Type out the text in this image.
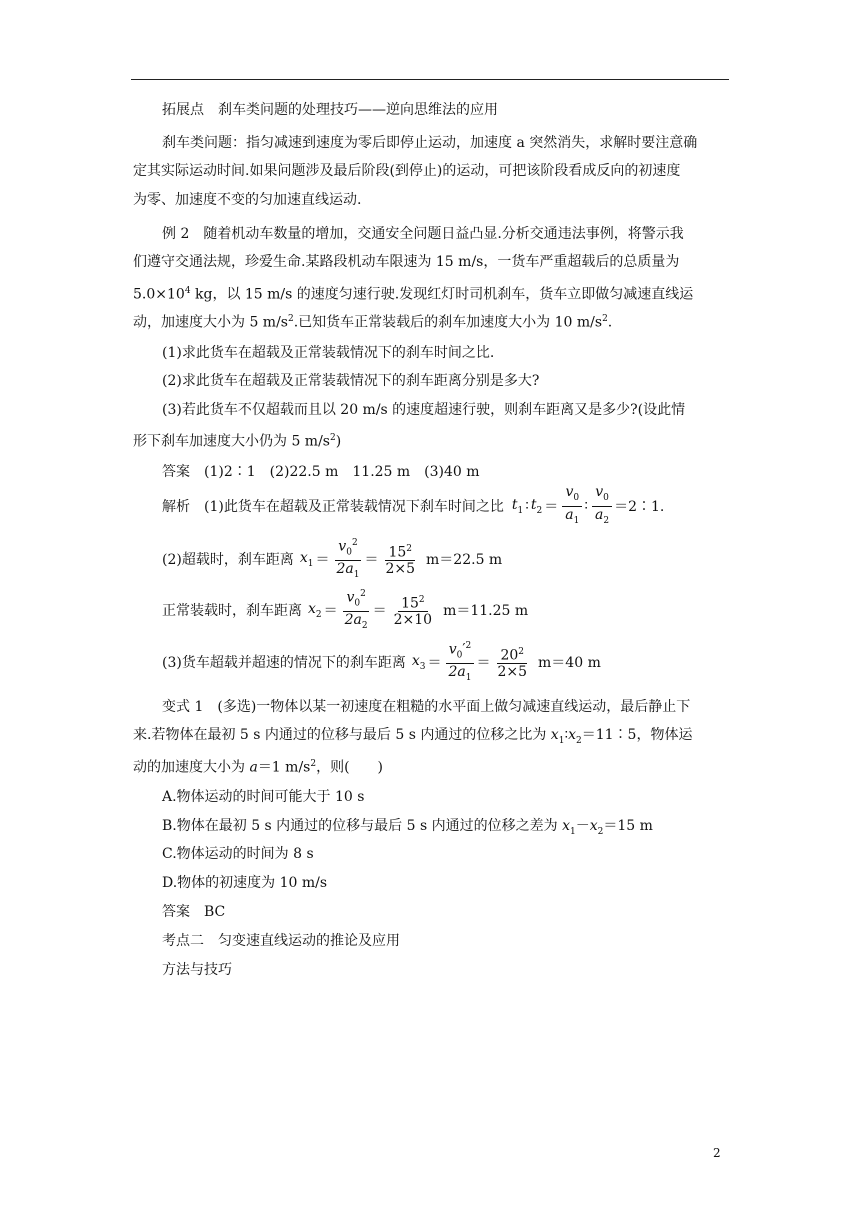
拓展点　刹车类问题的处理技巧——逆向思维法的应用
刹车类问题：指匀减速到速度为零后即停止运动，加速度 a 突然消失，求解时要注意确
定其实际运动时间.如果问题涉及最后阶段(到停止)的运动，可把该阶段看成反向的初速度
为零、加速度不变的匀加速直线运动.
例 2　随着机动车数量的增加，交通安全问题日益凸显.分析交通违法事例，将警示我
们遵守交通法规，珍爱生命.某路段机动车限速为 15 m/s，一货车严重超载后的总质量为
$5.0\times 10^4$ kg，以 15 m/s 的速度匀速行驶.发现红灯时司机刹车，货车立即做匀减速直线运
动，加速度大小为 5 $m/s^2$.已知货车正常装载后的刹车加速度大小为 10 $m/s^2$.
(1)求此货车在超载及正常装载情况下的刹车时间之比.
(2)求此货车在超载及正常装载情况下的刹车距离分别是多大?
(3)若此货车不仅超载而且以 20 m/s 的速度超速行驶，则刹车距离又是多少?(设此情
形下刹车加速度大小仍为 5 $m/s^2$)
答案　(1)2∶1　(2)22.5 m　11.25 m　(3)40 m
解析　(1)此货车在超载及正常装载情况下刹车时间之比 $t_1$ ∶ $t_2 = \frac{v_0}{a_1}$ ∶ $\frac{v_0}{a_2}$ ＝2∶1.
(2)超载时，刹车距离 $x_1 = \frac{v_0^2}{2a_1} = \frac{15^2}{2\times 5} m=22.5$ m
正常装载时，刹车距离 $x_2 = \frac{v_0^2}{2a_2} = \frac{15^2}{2\times 10} m=11.25$ m
(3)货车超载并超速的情况下的刹车距离 $x_3 = \frac{v_0'^2}{2a_1} = \frac{20^2}{2\times 5} m=40$ m
变式 1　(多选)一物体以某一初速度在粗糙的水平面上做匀减速直线运动，最后静止下
来.若物体在最初 5 s 内通过的位移与最后 5 s 内通过的位移之比为 $x_1∶x_2=11∶5$，物体运
动的加速度大小为 a＝1 $m/s^2$，则(　　)
A.物体运动的时间可能大于 10 s
B.物体在最初 5 s 内通过的位移与最后 5 s 内通过的位移之差为 $x_1-x_2=15$ m
C.物体运动的时间为 8 s
D.物体的初速度为 10 m/s
答案　BC
考点二　匀变速直线运动的推论及应用
方法与技巧
2
